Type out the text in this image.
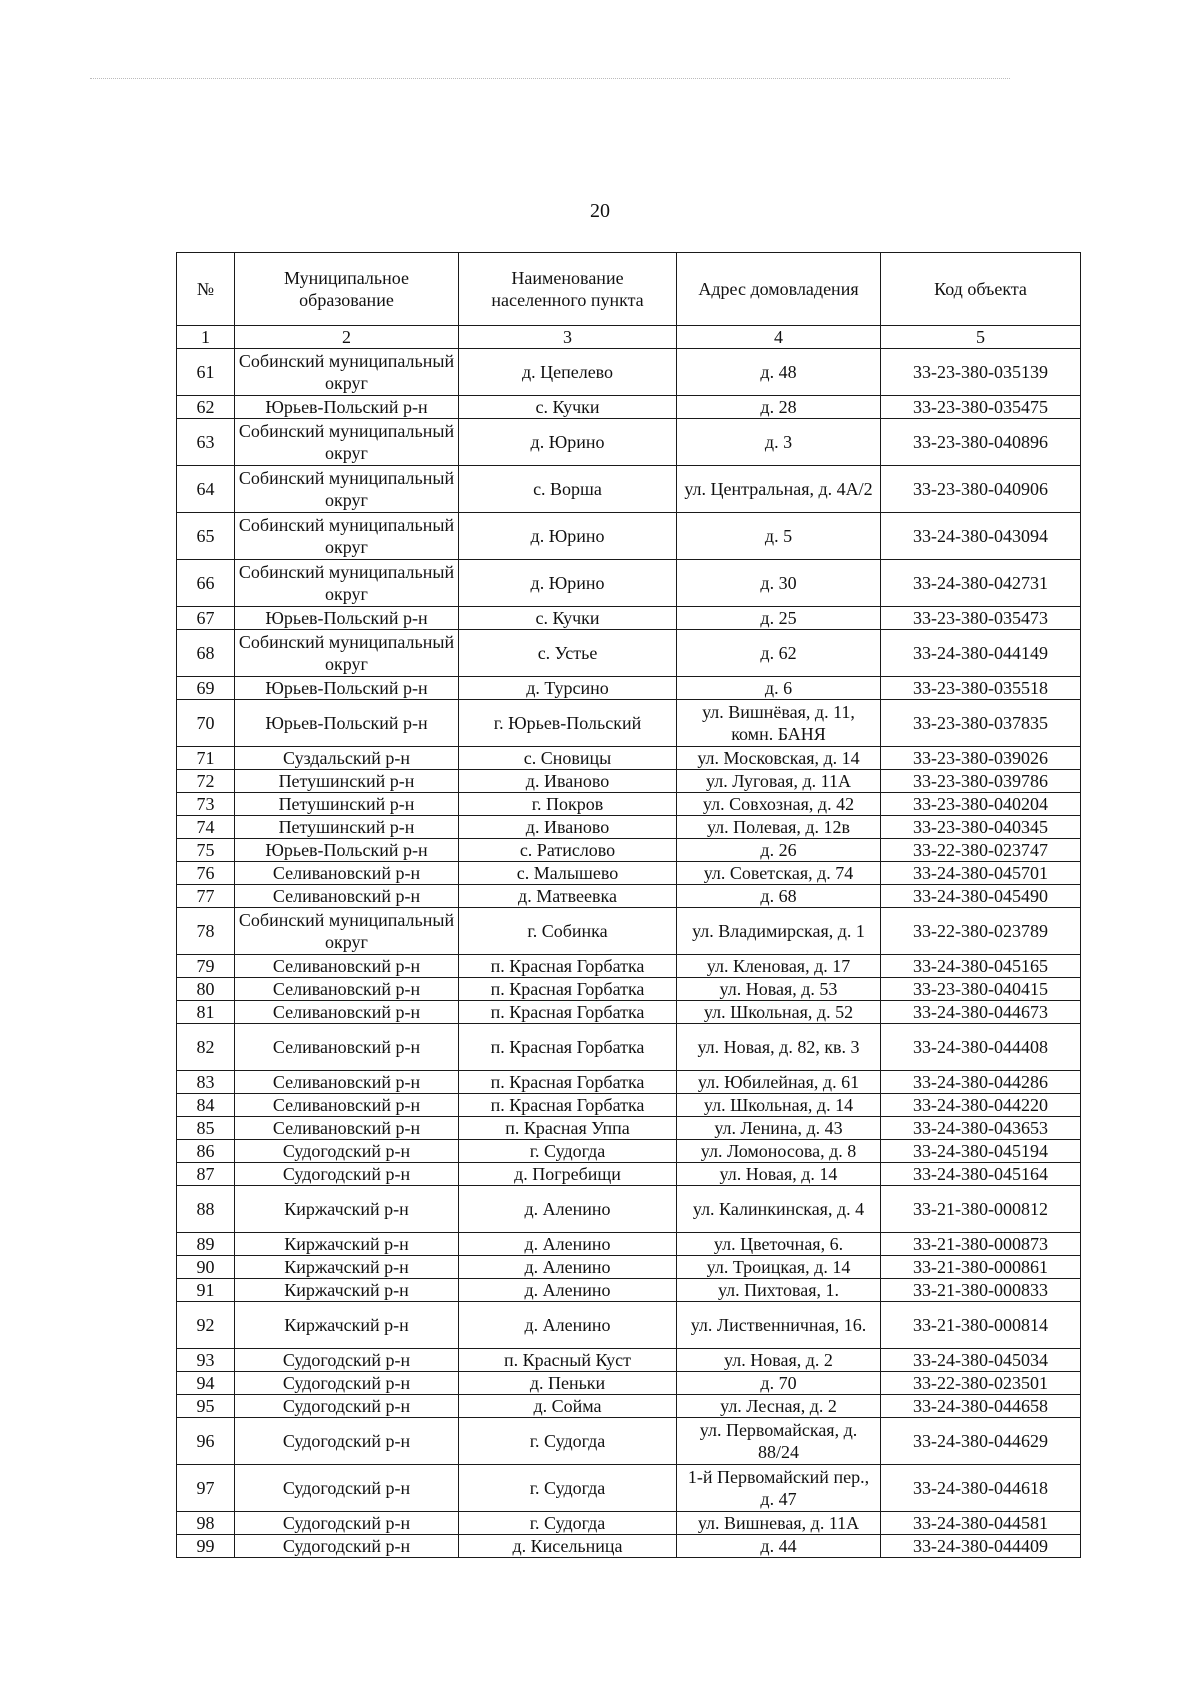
20
№	Муниципальное образование	Наименование населенного пункта	Адрес домовладения	Код объекта
1	2	3	4	5
61	Собинский муниципальный округ	д. Цепелево	д. 48	33-23-380-035139
62	Юрьев-Польский р-н	с. Кучки	д. 28	33-23-380-035475
63	Собинский муниципальный округ	д. Юрино	д. 3	33-23-380-040896
64	Собинский муниципальный округ	с. Ворша	ул. Центральная, д. 4А/2	33-23-380-040906
65	Собинский муниципальный округ	д. Юрино	д. 5	33-24-380-043094
66	Собинский муниципальный округ	д. Юрино	д. 30	33-24-380-042731
67	Юрьев-Польский р-н	с. Кучки	д. 25	33-23-380-035473
68	Собинский муниципальный округ	с. Устье	д. 62	33-24-380-044149
69	Юрьев-Польский р-н	д. Турсино	д. 6	33-23-380-035518
70	Юрьев-Польский р-н	г. Юрьев-Польский	ул. Вишнёвая, д. 11, комн. БАНЯ	33-23-380-037835
71	Суздальский р-н	с. Сновицы	ул. Московская, д. 14	33-23-380-039026
72	Петушинский р-н	д. Иваново	ул. Луговая, д. 11А	33-23-380-039786
73	Петушинский р-н	г. Покров	ул. Совхозная, д. 42	33-23-380-040204
74	Петушинский р-н	д. Иваново	ул. Полевая, д. 12в	33-23-380-040345
75	Юрьев-Польский р-н	с. Ратислово	д. 26	33-22-380-023747
76	Селивановский р-н	с. Малышево	ул. Советская, д. 74	33-24-380-045701
77	Селивановский р-н	д. Матвеевка	д. 68	33-24-380-045490
78	Собинский муниципальный округ	г. Собинка	ул. Владимирская, д. 1	33-22-380-023789
79	Селивановский р-н	п. Красная Горбатка	ул. Кленовая, д. 17	33-24-380-045165
80	Селивановский р-н	п. Красная Горбатка	ул. Новая, д. 53	33-23-380-040415
81	Селивановский р-н	п. Красная Горбатка	ул. Школьная, д. 52	33-24-380-044673
82	Селивановский р-н	п. Красная Горбатка	ул. Новая, д. 82, кв. 3	33-24-380-044408
83	Селивановский р-н	п. Красная Горбатка	ул. Юбилейная, д. 61	33-24-380-044286
84	Селивановский р-н	п. Красная Горбатка	ул. Школьная, д. 14	33-24-380-044220
85	Селивановский р-н	п. Красная Уппа	ул. Ленина, д. 43	33-24-380-043653
86	Судогодский р-н	г. Судогда	ул. Ломоносова, д. 8	33-24-380-045194
87	Судогодский р-н	д. Погребищи	ул. Новая, д. 14	33-24-380-045164
88	Киржачский р-н	д. Аленино	ул. Калинкинская, д. 4	33-21-380-000812
89	Киржачский р-н	д. Аленино	ул. Цветочная, 6.	33-21-380-000873
90	Киржачский р-н	д. Аленино	ул. Троицкая, д. 14	33-21-380-000861
91	Киржачский р-н	д. Аленино	ул. Пихтовая, 1.	33-21-380-000833
92	Киржачский р-н	д. Аленино	ул. Лиственничная, 16.	33-21-380-000814
93	Судогодский р-н	п. Красный Куст	ул. Новая, д. 2	33-24-380-045034
94	Судогодский р-н	д. Пеньки	д. 70	33-22-380-023501
95	Судогодский р-н	д. Сойма	ул. Лесная, д. 2	33-24-380-044658
96	Судогодский р-н	г. Судогда	ул. Первомайская, д. 88/24	33-24-380-044629
97	Судогодский р-н	г. Судогда	1-й Первомайский пер., д. 47	33-24-380-044618
98	Судогодский р-н	г. Судогда	ул. Вишневая, д. 11А	33-24-380-044581
99	Судогодский р-н	д. Кисельница	д. 44	33-24-380-044409
